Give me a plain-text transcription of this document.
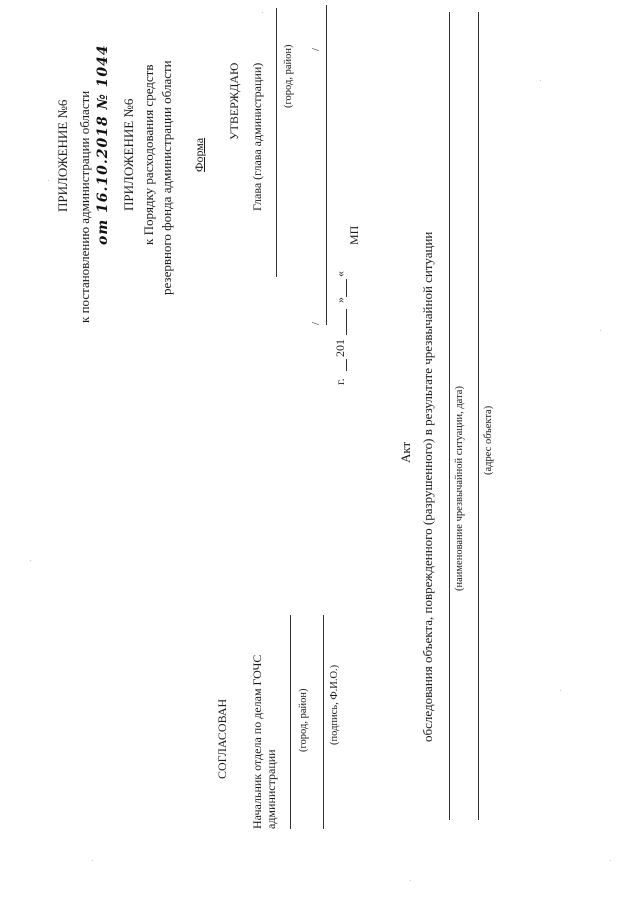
ПРИЛОЖЕНИЕ №6 к постановлению администрации области от 16.10.2018 № 1044 ПРИЛОЖЕНИЕ №6 к Порядку расходования средств резервного фонда администрации области Форма
УТВЕРЖДАЮ Глава (глава администрации) (город, район) /
/
«
»
201
г.
МП
Акт обследования объекта, поврежденного (разрушенного) в результате чрезвычайной ситуации (наименование чрезвычайной ситуации, дата) (адрес объекта)
СОГЛАСОВАН Начальник отдела по делам ГОЧС администрации
(город, район) (подпись, Ф.И.О.)
